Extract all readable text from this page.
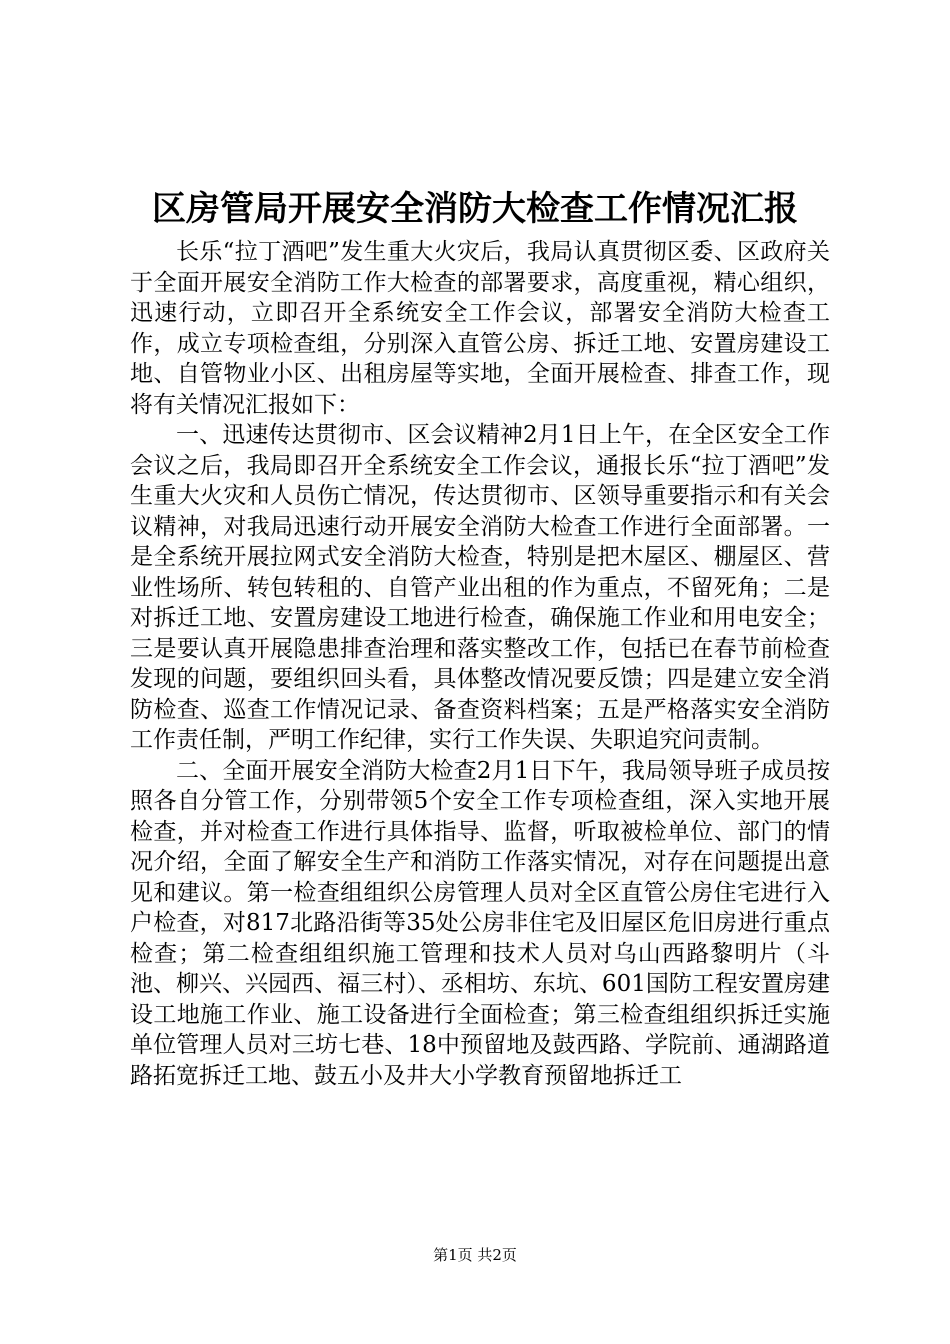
区房管局开展安全消防大检查工作情况汇报

长乐“拉丁酒吧”发生重大火灾后，我局认真贯彻区委、区政府关于全面开展安全消防工作大检查的部署要求，高度重视，精心组织，迅速行动，立即召开全系统安全工作会议，部署安全消防大检查工作，成立专项检查组，分别深入直管公房、拆迁工地、安置房建设工地、自管物业小区、出租房屋等实地，全面开展检查、排查工作，现将有关情况汇报如下：

一、迅速传达贯彻市、区会议精神2月1日上午，在全区安全工作会议之后，我局即召开全系统安全工作会议，通报长乐“拉丁酒吧”发生重大火灾和人员伤亡情况，传达贯彻市、区领导重要指示和有关会议精神，对我局迅速行动开展安全消防大检查工作进行全面部署。一是全系统开展拉网式安全消防大检查，特别是把木屋区、棚屋区、营业性场所、转包转租的、自管产业出租的作为重点，不留死角；二是对拆迁工地、安置房建设工地进行检查，确保施工作业和用电安全；三是要认真开展隐患排查治理和落实整改工作，包括已在春节前检查发现的问题，要组织回头看，具体整改情况要反馈；四是建立安全消防检查、巡查工作情况记录、备查资料档案；五是严格落实安全消防工作责任制，严明工作纪律，实行工作失误、失职追究问责制。

二、全面开展安全消防大检查2月1日下午，我局领导班子成员按照各自分管工作，分别带领5个安全工作专项检查组，深入实地开展检查，并对检查工作进行具体指导、监督，听取被检单位、部门的情况介绍，全面了解安全生产和消防工作落实情况，对存在问题提出意见和建议。第一检查组组织公房管理人员对全区直管公房住宅进行入户检查，对817北路沿街等35处公房非住宅及旧屋区危旧房进行重点检查；第二检查组组织施工管理和技术人员对乌山西路黎明片（斗池、柳兴、兴园西、福三村）、丞相坊、东坑、601国防工程安置房建设工地施工作业、施工设备进行全面检查；第三检查组组织拆迁实施单位管理人员对三坊七巷、18中预留地及鼓西路、学院前、通湖路道路拓宽拆迁工地、鼓五小及井大小学教育预留地拆迁工

第1页 共2页
